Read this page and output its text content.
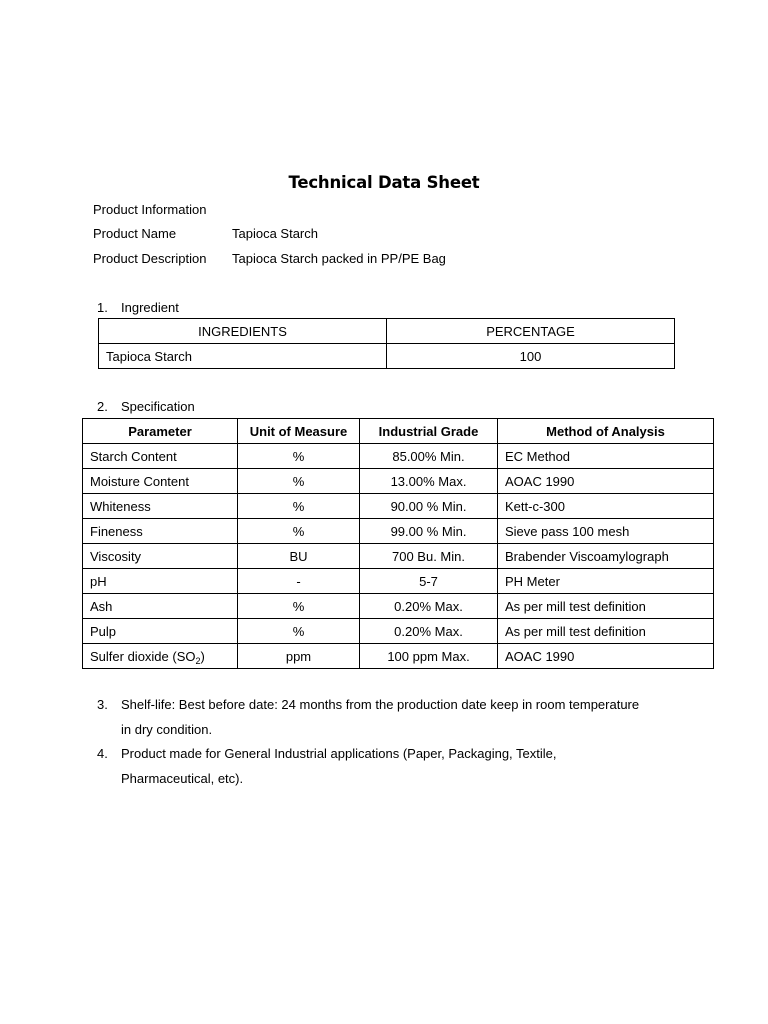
Technical Data Sheet
Product Information
Product Name	Tapioca Starch
Product Description Tapioca Starch packed in PP/PE Bag
1. Ingredient
INGREDIENTS	PERCENTAGE
Tapioca Starch	100
2. Specification
Parameter	Unit of Measure	Industrial Grade	Method of Analysis
Starch Content	%	85.00% Min.	EC Method
Moisture Content	%	13.00% Max.	AOAC 1990
Whiteness	%	90.00 % Min.	Kett-c-300
Fineness	%	99.00 % Min.	Sieve pass 100 mesh
Viscosity	BU	700 Bu. Min.	Brabender Viscoamylograph
pH	-	5-7	PH Meter
Ash	%	0.20% Max.	As per mill test definition
Pulp	%	0.20% Max.	As per mill test definition
Sulfer dioxide $(SO_2)$	ppm	100 ppm Max.	AOAC 1990
3. Shelf-life: Best before date: 24 months from the production date keep in room temperature
in dry condition.
4. Product made for General Industrial applications (Paper, Packaging, Textile,
Pharmaceutical, etc).
